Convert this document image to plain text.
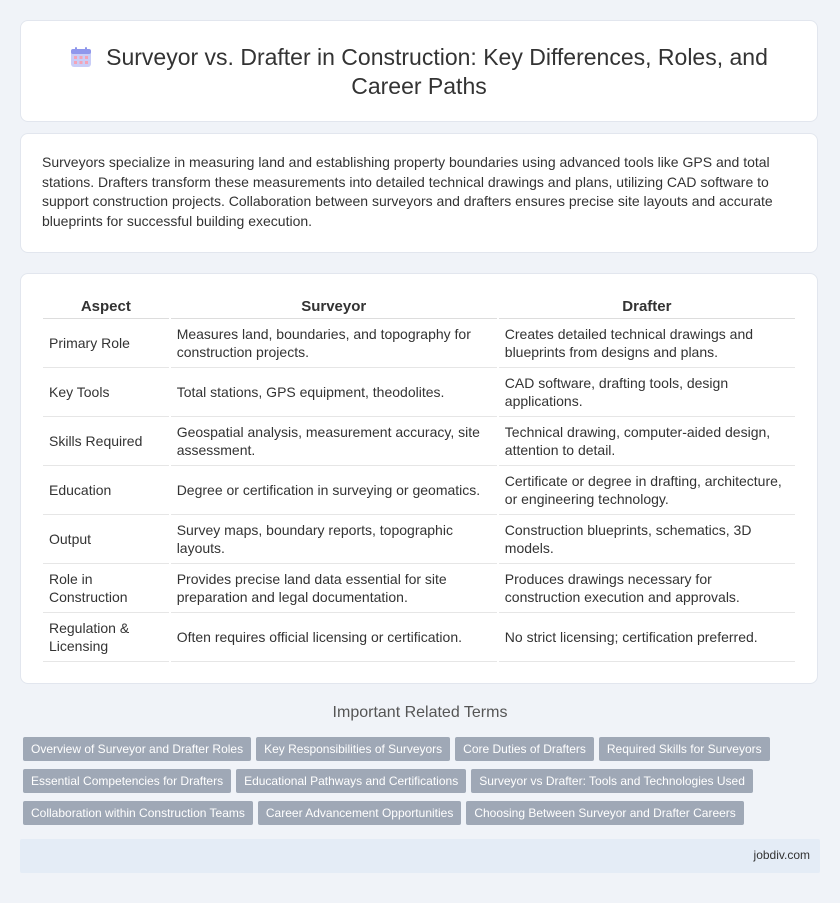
Surveyor vs. Drafter in Construction: Key Differences, Roles, and Career Paths

Surveyors specialize in measuring land and establishing property boundaries using advanced tools like GPS and total stations. Drafters transform these measurements into detailed technical drawings and plans, utilizing CAD software to support construction projects. Collaboration between surveyors and drafters ensures precise site layouts and accurate blueprints for successful building execution.

Aspect	Surveyor	Drafter
Primary Role	Measures land, boundaries, and topography for construction projects.	Creates detailed technical drawings and blueprints from designs and plans.
Key Tools	Total stations, GPS equipment, theodolites.	CAD software, drafting tools, design applications.
Skills Required	Geospatial analysis, measurement accuracy, site assessment.	Technical drawing, computer-aided design, attention to detail.
Education	Degree or certification in surveying or geomatics.	Certificate or degree in drafting, architecture, or engineering technology.
Output	Survey maps, boundary reports, topographic layouts.	Construction blueprints, schematics, 3D models.
Role in Construction	Provides precise land data essential for site preparation and legal documentation.	Produces drawings necessary for construction execution and approvals.
Regulation & Licensing	Often requires official licensing or certification.	No strict licensing; certification preferred.
Important Related Terms
Overview of Surveyor and Drafter Roles Key Responsibilities of Surveyors Core Duties of Drafters Required Skills for SurveyorsEssential Competencies for Drafters Educational Pathways and Certifications Surveyor vs Drafter: Tools and Technologies UsedCollaboration within Construction Teams Career Advancement Opportunities Choosing Between Surveyor and Drafter Careers
jobdiv.com
